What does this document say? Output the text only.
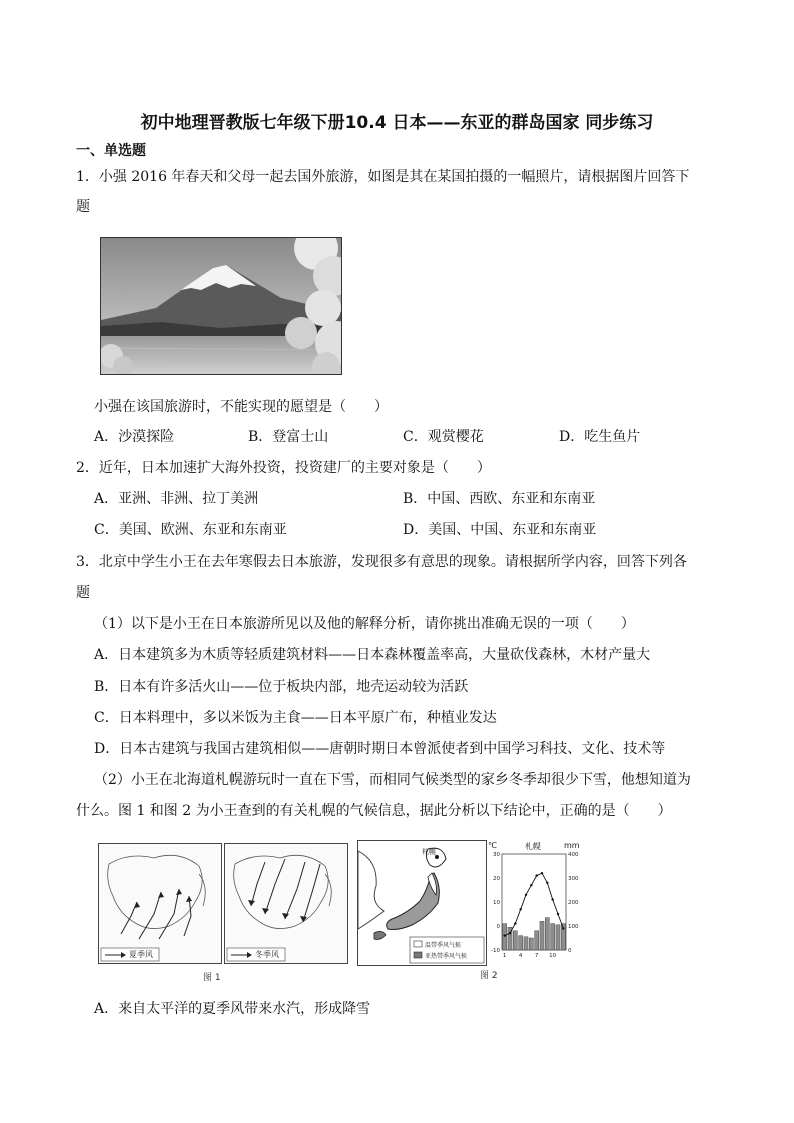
初中地理晋教版七年级下册10.4 日本——东亚的群岛国家 同步练习
一、单选题
1．小强 2016 年春天和父母一起去国外旅游，如图是其在某国拍摄的一幅照片，请根据图片回答下
题
小强在该国旅游时，不能实现的愿望是（　　）
A．沙漠探险	B．登富士山	C．观赏樱花	D．吃生鱼片
2．近年，日本加速扩大海外投资，投资建厂的主要对象是（　　）
A．亚洲、非洲、拉丁美洲	B．中国、西欧、东亚和东南亚
C．美国、欧洲、东亚和东南亚	D．美国、中国、东亚和东南亚
3．北京中学生小王在去年寒假去日本旅游，发现很多有意思的现象。请根据所学内容，回答下列各
题
（1）以下是小王在日本旅游所见以及他的解释分析，请你挑出准确无误的一项（　　）
A．日本建筑多为木质等轻质建筑材料——日本森林覆盖率高，大量砍伐森林，木材产量大
B．日本有许多活火山——位于板块内部，地壳运动较为活跃
C．日本料理中，多以米饭为主食——日本平原广布，种植业发达
D．日本古建筑与我国古建筑相似——唐朝时期日本曾派使者到中国学习科技、文化、技术等
（2）小王在北海道札幌游玩时一直在下雪，而相同气候类型的家乡冬季却很少下雪，他想知道为
什么。图 1 和图 2 为小王查到的有关札幌的气候信息，据此分析以下结论中，正确的是（　　）
夏季风	冬季风
图 1
札幌
温带季风气候
亚热带季风气候
30
20
10
0
-10
400
300
200
100
0
1 4 7 10
札幌
℃	mm
图 2
A．来自太平洋的夏季风带来水汽，形成降雪
